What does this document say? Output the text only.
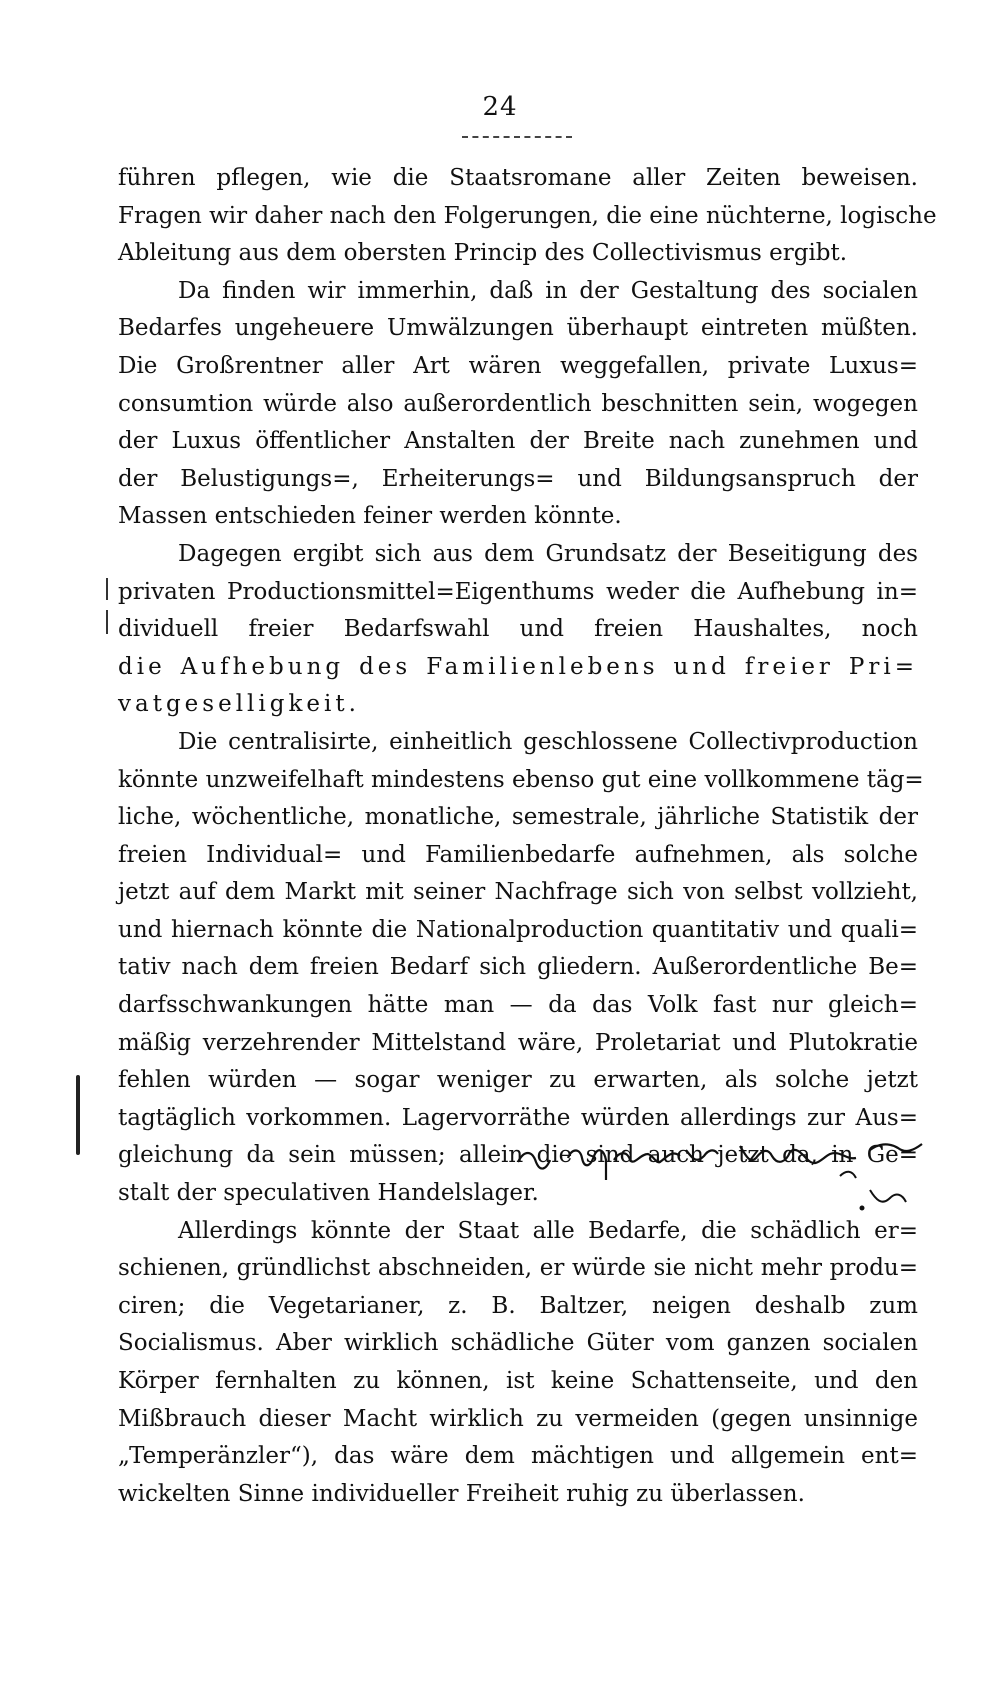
24

führen pflegen, wie die Staatsromane aller Zeiten beweisen.
Fragen wir daher nach den Folgerungen, die eine nüchterne, logische
Ableitung aus dem obersten Princip des Collectivismus ergibt.

Da finden wir immerhin, daß in der Gestaltung des socialen
Bedarfes ungeheuere Umwälzungen überhaupt eintreten müßten.
Die Großrentner aller Art wären weggefallen, private Luxus=
consumtion würde also außerordentlich beschnitten sein, wogegen
der Luxus öffentlicher Anstalten der Breite nach zunehmen und
der Belustigungs=, Erheiterungs= und Bildungsanspruch der
Massen entschieden feiner werden könnte.

Dagegen ergibt sich aus dem Grundsatz der Beseitigung des
privaten Productionsmittel=Eigenthums weder die Aufhebung in=
dividuell freier Bedarfswahl und freien Haushaltes, noch
die Aufhebung des Familienlebens und freier Pri=
vatgeselligkeit.

Die centralisirte, einheitlich geschlossene Collectivproduction
könnte unzweifelhaft mindestens ebenso gut eine vollkommene täg=
liche, wöchentliche, monatliche, semestrale, jährliche Statistik der
freien Individual= und Familienbedarfe aufnehmen, als solche
jetzt auf dem Markt mit seiner Nachfrage sich von selbst vollzieht,
und hiernach könnte die Nationalproduction quantitativ und quali=
tativ nach dem freien Bedarf sich gliedern. Außerordentliche Be=
darfsschwankungen hätte man — da das Volk fast nur gleich=
mäßig verzehrender Mittelstand wäre, Proletariat und Plutokratie
fehlen würden — sogar weniger zu erwarten, als solche jetzt
tagtäglich vorkommen. Lagervorräthe würden allerdings zur Aus=
gleichung da sein müssen; allein die sind auch jetzt da, in Ge=
stalt der speculativen Handelslager.

Allerdings könnte der Staat alle Bedarfe, die schädlich er=
schienen, gründlichst abschneiden, er würde sie nicht mehr produ=
ciren; die Vegetarianer, z. B. Baltzer, neigen deshalb zum
Socialismus. Aber wirklich schädliche Güter vom ganzen socialen
Körper fernhalten zu können, ist keine Schattenseite, und den
Mißbrauch dieser Macht wirklich zu vermeiden (gegen unsinnige
„Temperänzler“), das wäre dem mächtigen und allgemein ent=
wickelten Sinne individueller Freiheit ruhig zu überlassen.
